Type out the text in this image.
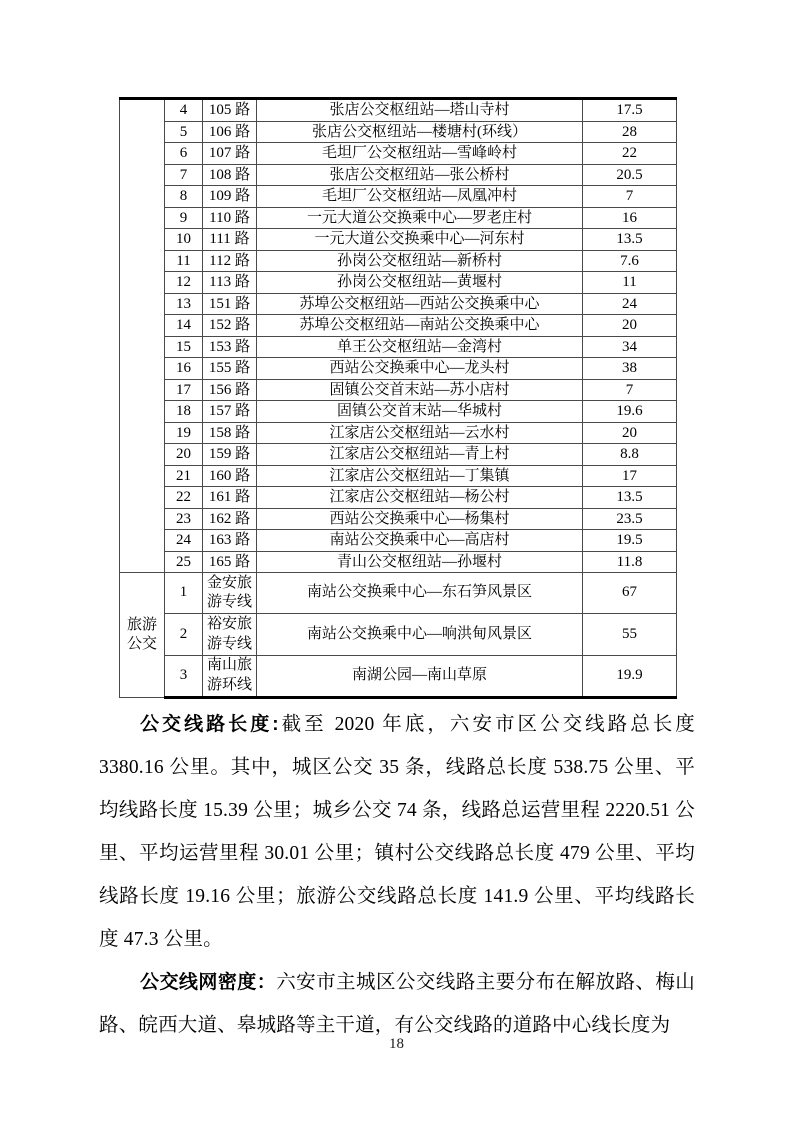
	4	105 路	张店公交枢纽站—塔山寺村	17.5
	5	106 路	张店公交枢纽站—楼塘村(环线）	28
	6	107 路	毛坦厂公交枢纽站—雪峰岭村	22
	7	108 路	张店公交枢纽站—张公桥村	20.5
	8	109 路	毛坦厂公交枢纽站—凤凰冲村	7
	9	110 路	一元大道公交换乘中心—罗老庄村	16
	10	111 路	一元大道公交换乘中心—河东村	13.5
	11	112 路	孙岗公交枢纽站—新桥村	7.6
	12	113 路	孙岗公交枢纽站—黄堰村	11
	13	151 路	苏埠公交枢纽站—西站公交换乘中心	24
	14	152 路	苏埠公交枢纽站—南站公交换乘中心	20
	15	153 路	单王公交枢纽站—金湾村	34
	16	155 路	西站公交换乘中心—龙头村	38
	17	156 路	固镇公交首末站—苏小店村	7
	18	157 路	固镇公交首末站—华城村	19.6
	19	158 路	江家店公交枢纽站—云水村	20
	20	159 路	江家店公交枢纽站—青上村	8.8
	21	160 路	江家店公交枢纽站—丁集镇	17
	22	161 路	江家店公交枢纽站—杨公村	13.5
	23	162 路	西站公交换乘中心—杨集村	23.5
	24	163 路	南站公交换乘中心—高店村	19.5
	25	165 路	青山公交枢纽站—孙堰村	11.8
旅游公交	1	金安旅游专线	南站公交换乘中心—东石笋风景区	67
	2	裕安旅游专线	南站公交换乘中心—响洪甸风景区	55
	3	南山旅游环线	南湖公园—南山草原	19.9

公交线路长度:截至 2020 年底，六安市区公交线路总长度 3380.16 公里。其中，城区公交 35 条，线路总长度 538.75 公里、平均线路长度 15.39 公里；城乡公交 74 条，线路总运营里程 2220.51 公里、平均运营里程 30.01 公里；镇村公交线路总长度 479 公里、平均线路长度 19.16 公里；旅游公交线路总长度 141.9 公里、平均线路长度 47.3 公里。

公交线网密度：六安市主城区公交线路主要分布在解放路、梅山路、皖西大道、皋城路等主干道，有公交线路的道路中心线长度为

18
